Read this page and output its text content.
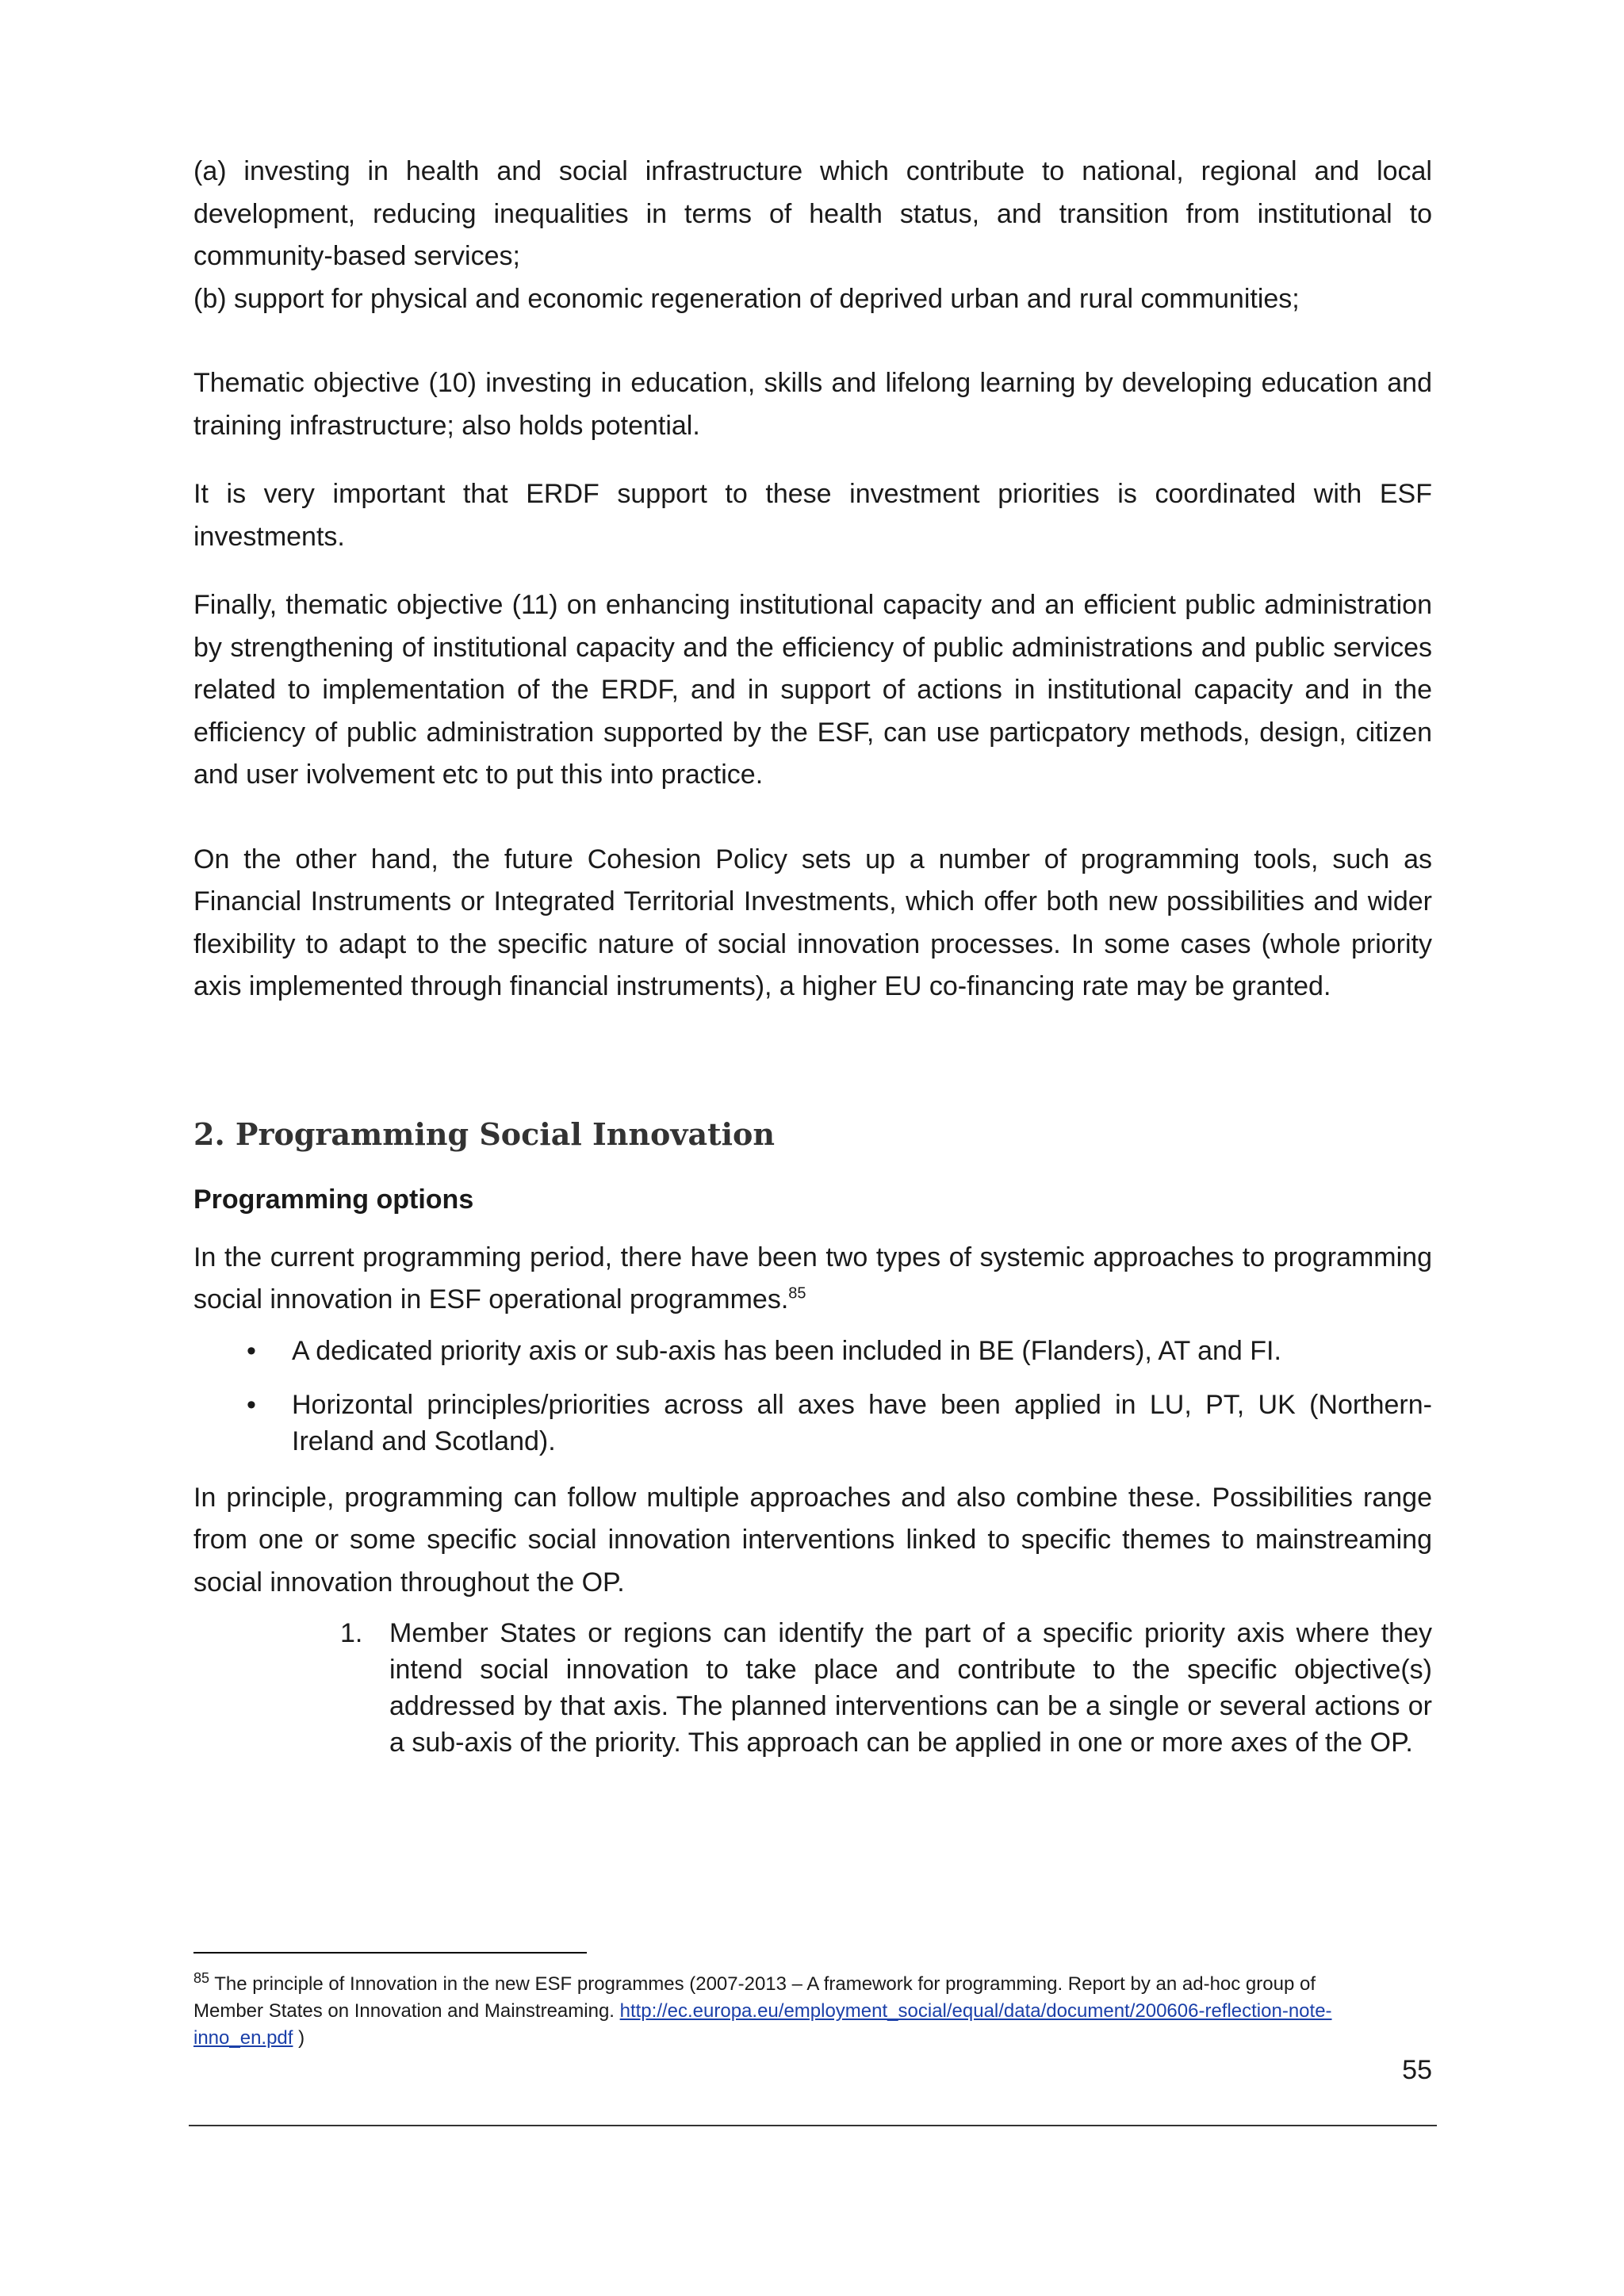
(a) investing in health and social infrastructure which contribute to national, regional and local development, reducing inequalities in terms of health status, and transition from institutional to community-based services;

(b) support for physical and economic regeneration of deprived urban and rural communities;

Thematic objective (10) investing in education, skills and lifelong learning by developing education and training infrastructure; also holds potential.

It is very important that ERDF support to these investment priorities is coordinated with ESF investments.

Finally, thematic objective (11) on enhancing institutional capacity and an efficient public administration by strengthening of institutional capacity and the efficiency of public administrations and public services related to implementation of the ERDF, and in support of actions in institutional capacity and in the efficiency of public administration supported by the ESF, can use particpatory methods, design, citizen and user ivolvement etc to put this into practice.

On the other hand, the future Cohesion Policy sets up a number of programming tools, such as Financial Instruments or Integrated Territorial Investments, which offer both new possibilities and wider flexibility to adapt to the specific nature of social innovation processes. In some cases (whole priority axis implemented through financial instruments), a higher EU co-financing rate may be granted.

2. Programming Social Innovation
Programming options

In the current programming period, there have been two types of systemic approaches to programming social innovation in ESF operational programmes.$^{85}$

• A dedicated priority axis or sub-axis has been included in BE (Flanders), AT and FI.
• Horizontal principles/priorities across all axes have been applied in LU, PT, UK (Northern-Ireland and Scotland).

In principle, programming can follow multiple approaches and also combine these. Possibilities range from one or some specific social innovation interventions linked to specific themes to mainstreaming social innovation throughout the OP.

1. Member States or regions can identify the part of a specific priority axis where they intend social innovation to take place and contribute to the specific objective(s) addressed by that axis. The planned interventions can be a single or several actions or a sub-axis of the priority. This approach can be applied in one or more axes of the OP.
$^{85}$ The principle of Innovation in the new ESF programmes (2007-2013 – A framework for programming. Report by an ad-hoc group of Member States on Innovation and Mainstreaming. http://ec.europa.eu/employment_social/equal/data/document/200606-reflection-note-inno_en.pdf )
55
